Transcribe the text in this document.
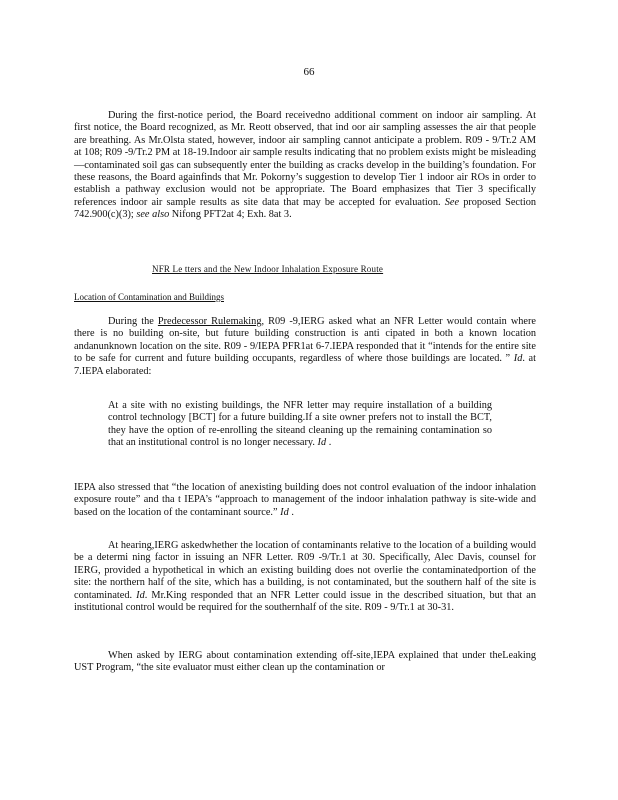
66

During the first-notice period, the Board receivedno additional comment on indoor air sampling. At first notice, the Board recognized, as Mr. Reott observed, that ind oor air sampling assesses the air that people are breathing. As Mr.Olsta stated, however, indoor air sampling cannot anticipate a problem. R09 - 9/Tr.2 AM at 108; R09 -9/Tr.2 PM at 18-19.Indoor air sample results indicating that no problem exists might be misleading —contaminated soil gas can subsequently enter the building as cracks develop in the building’s foundation. For these reasons, the Board againfinds that Mr. Pokorny’s suggestion to develop Tier 1 indoor air ROs in order to establish a pathway exclusion would not be appropriate. The Board emphasizes that Tier 3 specifically references indoor air sample results as site data that may be accepted for evaluation. See proposed Section 742.900(c)(3); see also Nifong PFT2at 4; Exh. 8at 3.

NFR Le tters and the New Indoor Inhalation Exposure Route

Location of Contamination and Buildings

During the Predecessor Rulemaking, R09 -9,IERG asked what an NFR Letter would contain where there is no building on-site, but future building construction is anti cipated in both a known location andanunknown location on the site. R09 - 9/IEPA PFR1at 6-7.IEPA responded that it “intends for the entire site to be safe for current and future building occupants, regardless of where those buildings are located. ” Id. at 7.IEPA elaborated:

At a site with no existing buildings, the NFR letter may require installation of a building control technology [BCT] for a future building.If a site owner prefers not to install the BCT, they have the option of re-enrolling the siteand cleaning up the remaining contamination so that an institutional control is no longer necessary. Id .

IEPA also stressed that “the location of anexisting building does not control evaluation of the indoor inhalation exposure route” and tha t IEPA’s “approach to management of the indoor inhalation pathway is site-wide and based on the location of the contaminant source.” Id .

At hearing,IERG askedwhether the location of contaminants relative to the location of a building would be a determi ning factor in issuing an NFR Letter. R09 -9/Tr.1 at 30. Specifically, Alec Davis, counsel for IERG, provided a hypothetical in which an existing building does not overlie the contaminatedportion of the site: the northern half of the site, which has a building, is not contaminated, but the southern half of the site is contaminated. Id. Mr.King responded that an NFR Letter could issue in the described situation, but that an institutional control would be required for the southernhalf of the site. R09 - 9/Tr.1 at 30-31.

When asked by IERG about contamination extending off-site,IEPA explained that under theLeaking UST Program, “the site evaluator must either clean up the contamination or
